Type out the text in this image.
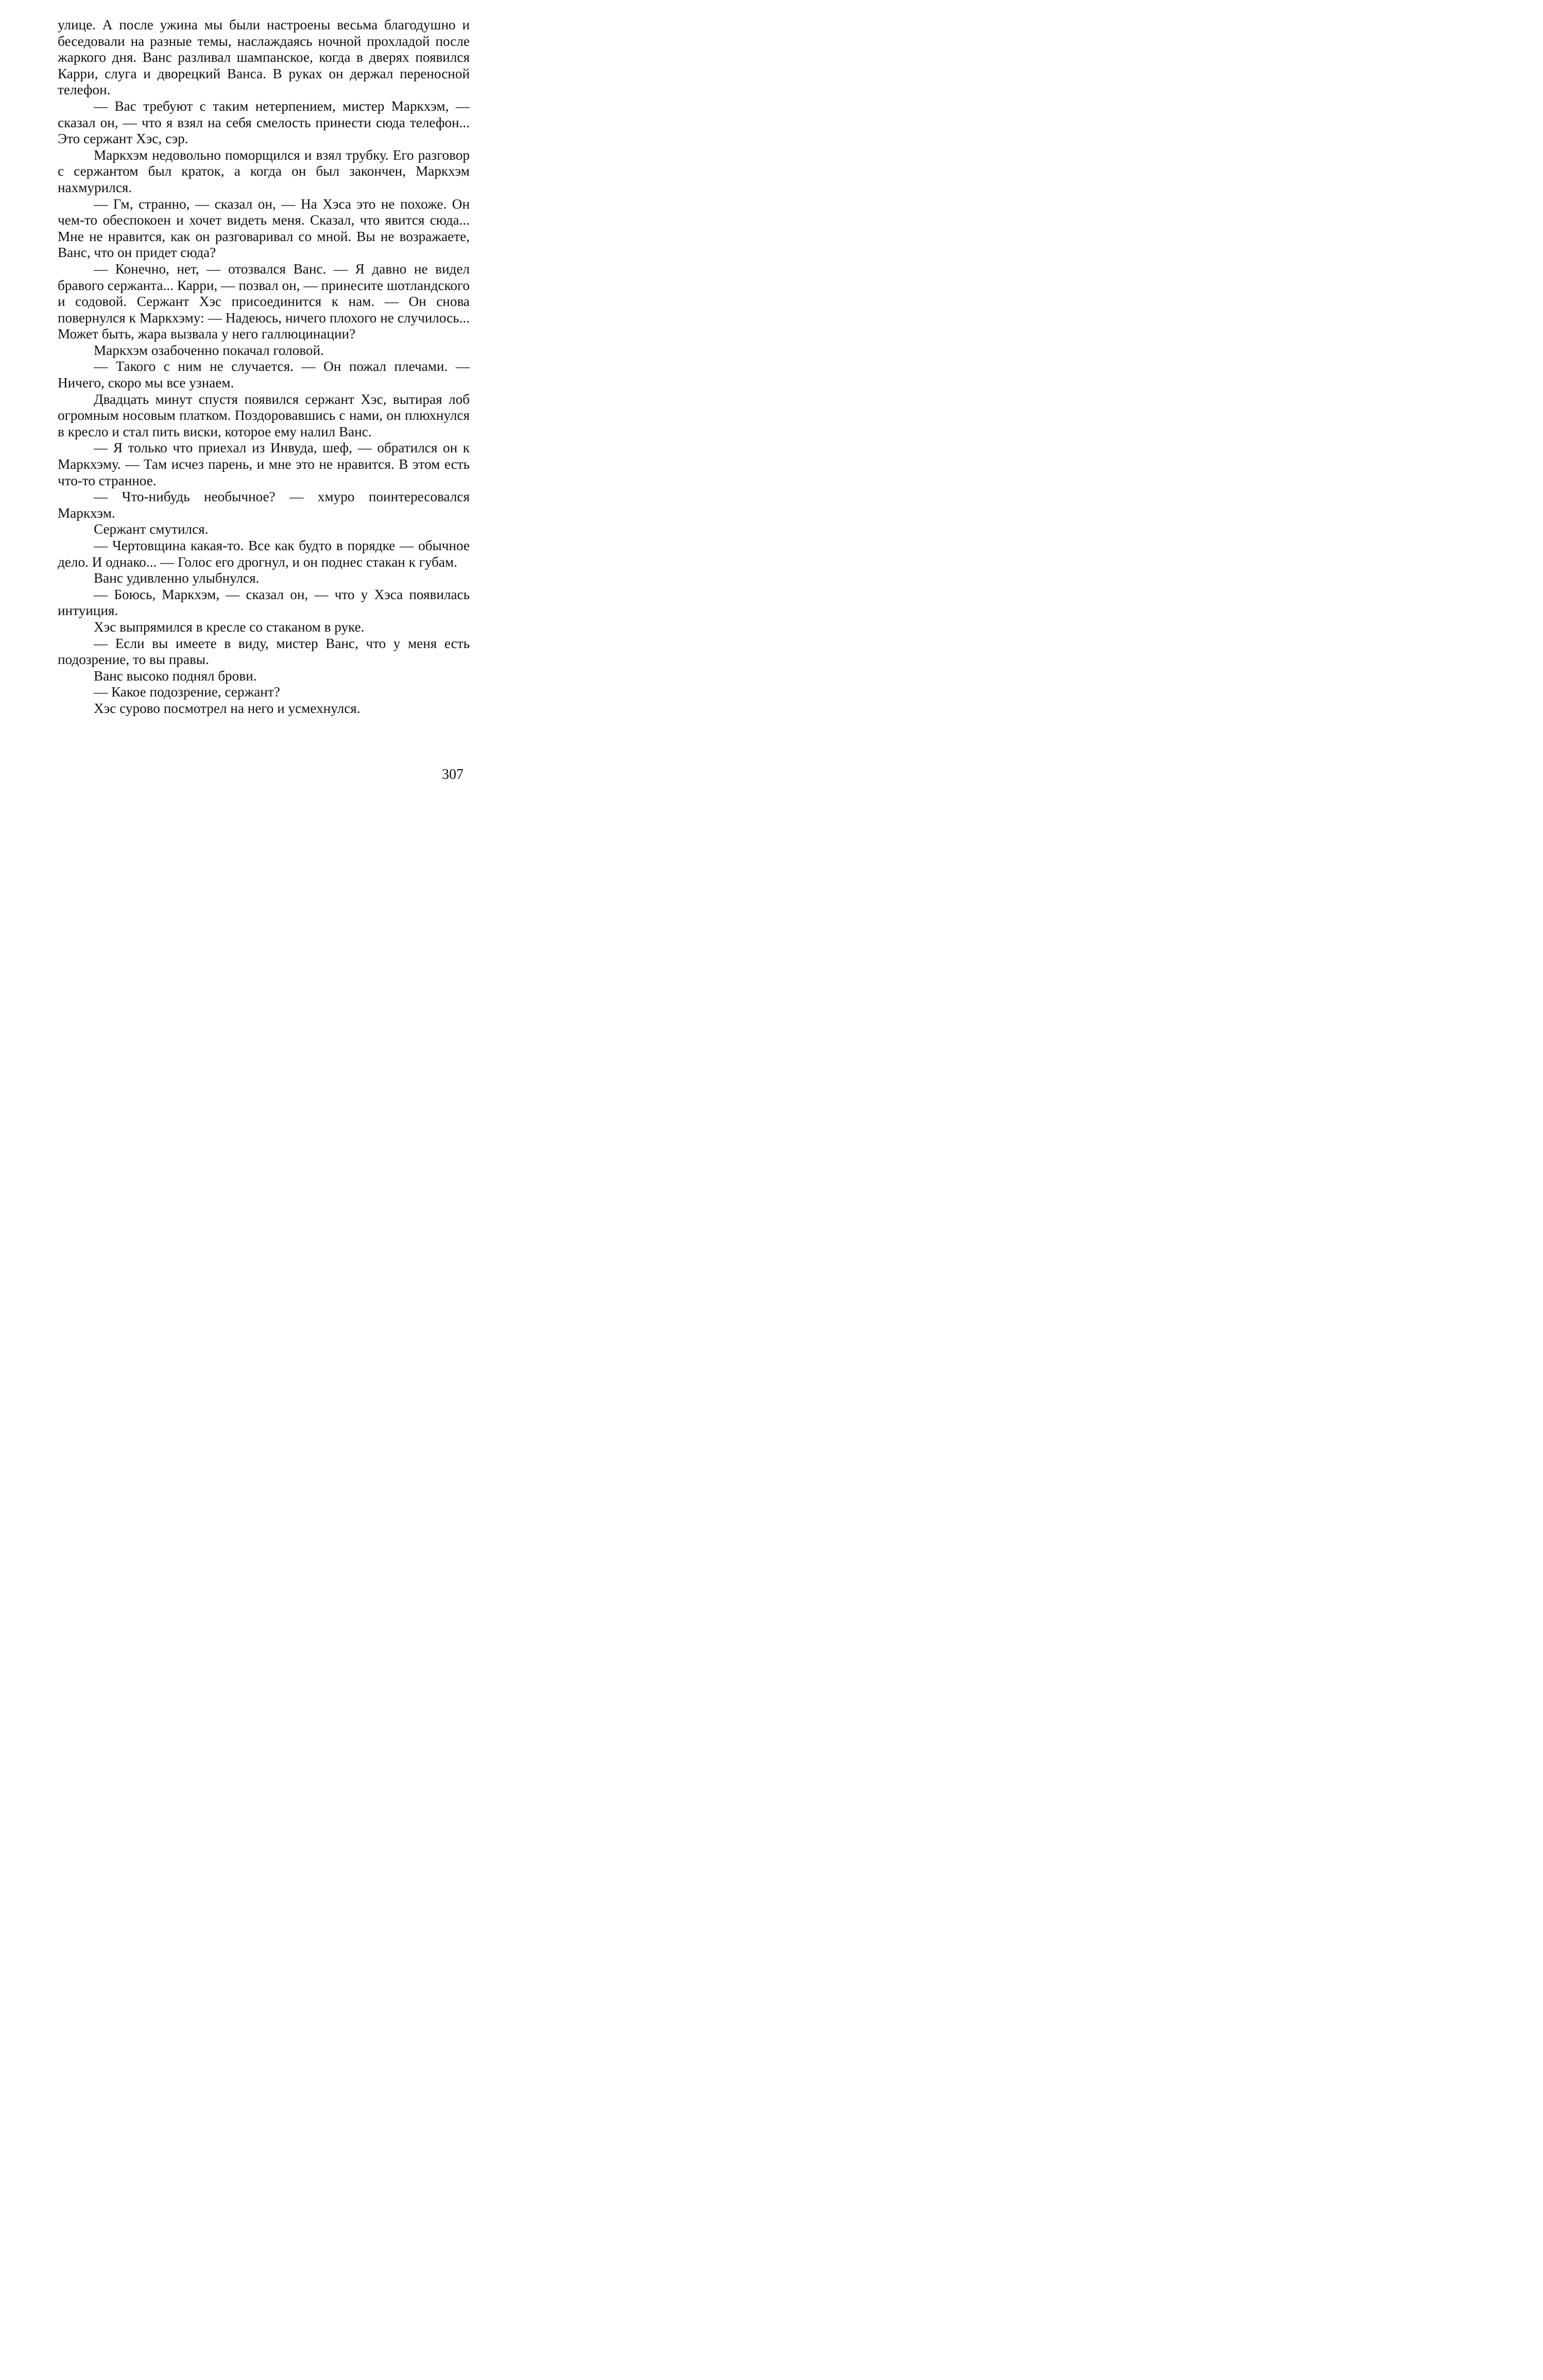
улице. А после ужина мы были настроены весьма благодушно и беседовали на разные темы, наслаждаясь ночной прохладой после жаркого дня. Ванс разливал шампанское, когда в дверях появился Карри, слуга и дворецкий Ванса. В руках он держал переносной телефон.

— Вас требуют с таким нетерпением, мистер Маркхэм, — сказал он, — что я взял на себя смелость принести сюда телефон... Это сержант Хэс, сэр.

Маркхэм недовольно поморщился и взял трубку. Его разговор с сержантом был краток, а когда он был закончен, Маркхэм нахмурился.

— Гм, странно, — сказал он, — На Хэса это не похоже. Он чем-то обеспокоен и хочет видеть меня. Сказал, что явится сюда... Мне не нравится, как он разговаривал со мной. Вы не возражаете, Ванс, что он придет сюда?

— Конечно, нет, — отозвался Ванс. — Я давно не видел бравого сержанта... Карри, — позвал он, — принесите шотландского и содовой. Сержант Хэс присоединится к нам. — Он снова повернулся к Маркхэму: — Надеюсь, ничего плохого не случилось... Может быть, жара вызвала у него галлюцинации?

Маркхэм озабоченно покачал головой.

— Такого с ним не случается. — Он пожал плечами. — Ничего, скоро мы все узнаем.

Двадцать минут спустя появился сержант Хэс, вытирая лоб огромным носовым платком. Поздоровавшись с нами, он плюхнулся в кресло и стал пить виски, которое ему налил Ванс.

— Я только что приехал из Инвуда, шеф, — обратился он к Маркхэму. — Там исчез парень, и мне это не нравится. В этом есть что-то странное.

— Что-нибудь необычное? — хмуро поинтересовался Маркхэм.

Сержант смутился.

— Чертовщина какая-то. Все как будто в порядке — обычное дело. И однако... — Голос его дрогнул, и он поднес стакан к губам.

Ванс удивленно улыбнулся.

— Боюсь, Маркхэм, — сказал он, — что у Хэса появилась интуиция.

Хэс выпрямился в кресле со стаканом в руке.

— Если вы имеете в виду, мистер Ванс, что у меня есть подозрение, то вы правы.

Ванс высоко поднял брови.

— Какое подозрение, сержант?

Хэс сурово посмотрел на него и усмехнулся.

307
